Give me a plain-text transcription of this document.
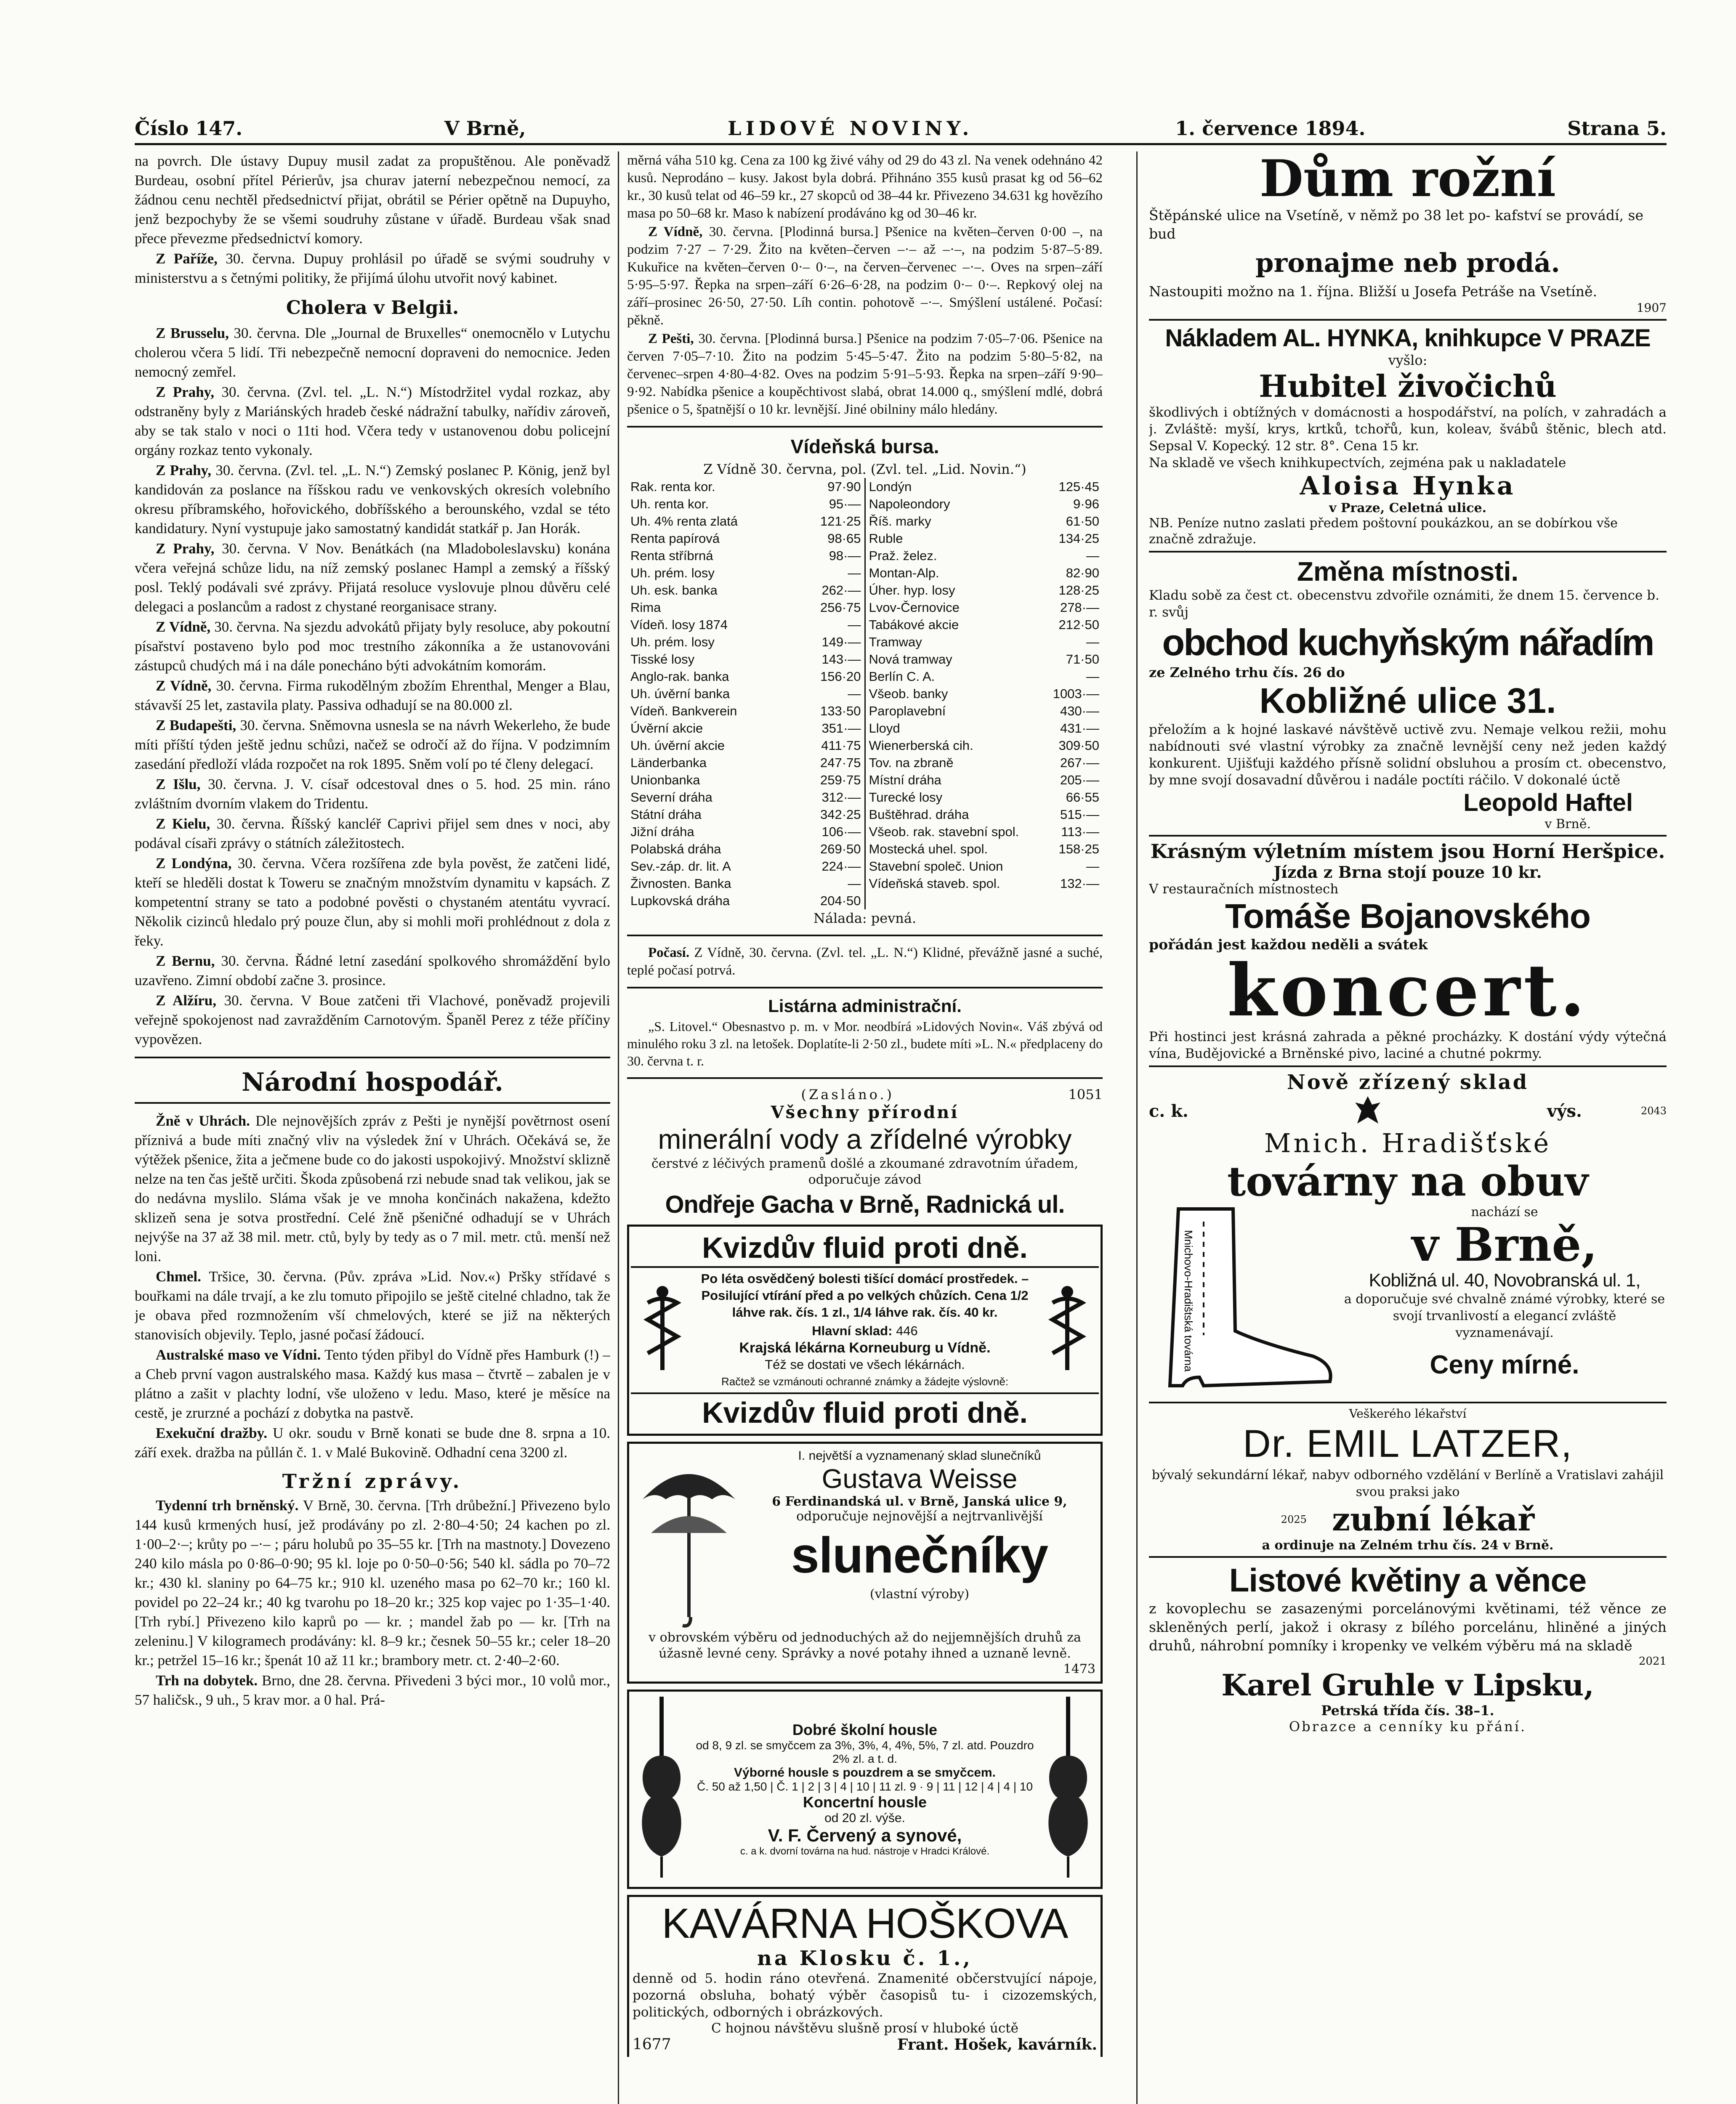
Číslo 147.	V Brně,	LIDOVÉ NOVINY.	1. července 1894.	Strana 5.

na povrch. Dle ústavy Dupuy musil zadat za propuštěnou. Ale poněvadž Burdeau, osobní přítel Périerův, jsa churav jaterní nebezpečnou nemocí, za žádnou cenu nechtěl předsednictví přijat, obrátil se Périer opětně na Dupuyho, jenž bezpochyby že se všemi soudruhy zůstane v úřadě. Burdeau však snad přece převezme předsednictví komory.

Z Paříže, 30. června. Dupuy prohlásil po úřadě se svými soudruhy v ministerstvu a s četnými politiky, že přijímá úlohu utvořit nový kabinet.

Cholera v Belgii.

Z Brusselu, 30. června. Dle „Journal de Bruxelles“ onemocnělo v Lutychu cholerou včera 5 lidí. Tři nebezpečně nemocní dopraveni do nemocnice. Jeden nemocný zemřel.

Z Prahy, 30. června. (Zvl. tel. „L. N.“) Místodržitel vydal rozkaz, aby odstraněny byly z Mariánských hradeb české nádražní tabulky, nařídiv zároveň, aby se tak stalo v noci o 11ti hod. Včera tedy v ustanovenou dobu policejní orgány rozkaz tento vykonaly.

Z Prahy, 30. června. (Zvl. tel. „L. N.“) Zemský poslanec P. König, jenž byl kandidován za poslance na říšskou radu ve venkovských okresích volebního okresu příbramského, hořovického, dobříšského a berounského, vzdal se této kandidatury. Nyní vystupuje jako samostatný kandidát statkář p. Jan Horák.

Z Prahy, 30. června. V Nov. Benátkách (na Mladoboleslavsku) konána včera veřejná schůze lidu, na níž zemský poslanec Hampl a zemský a říšský posl. Teklý podávali své zprávy. Přijatá resoluce vyslovuje plnou důvěru celé delegaci a poslancům a radost z chystané reorganisace strany.

Z Vídně, 30. června. Na sjezdu advokátů přijaty byly resoluce, aby pokoutní písařství postaveno bylo pod moc trestního zákonníka a že ustanovováni zástupců chudých má i na dále ponecháno býti advokátním komorám.

Z Vídně, 30. června. Firma rukodělným zbožím Ehrenthal, Menger a Blau, stávavší 25 let, zastavila platy. Passiva odhadují se na 80.000 zl.

Z Budapešti, 30. června. Sněmovna usnesla se na návrh Wekerleho, že bude míti příští týden ještě jednu schůzi, načež se odročí až do října. V podzimním zasedání předloží vláda rozpočet na rok 1895. Sněm volí po té členy delegací.

Z Išlu, 30. června. J. V. císař odcestoval dnes o 5. hod. 25 min. ráno zvláštním dvorním vlakem do Tridentu.

Z Kielu, 30. června. Říšský kancléř Caprivi přijel sem dnes v noci, aby podával císaři zprávy o státních záležitostech.

Z Londýna, 30. června. Včera rozšířena zde byla pověst, že zatčeni lidé, kteří se hleděli dostat k Toweru se značným množstvím dynamitu v kapsách. Z kompetentní strany se tato a podobné pověsti o chystaném atentátu vyvrací. Několik cizinců hledalo prý pouze člun, aby si mohli moři prohlédnout z dola z řeky.

Z Bernu, 30. června. Řádné letní zasedání spolkového shromáždění bylo uzavřeno. Zimní období začne 3. prosince.

Z Alžíru, 30. června. V Boue zatčeni tři Vlachové, poněvadž projevili veřejně spokojenost nad zavražděním Carnotovým. Španěl Perez z téže příčiny vypovězen.

Národní hospodář.

Žně v Uhrách. Dle nejnovějších zpráv z Pešti je nynější povětrnost osení příznivá a bude míti značný vliv na výsledek žní v Uhrách. Očekává se, že výtěžek pšenice, žita a ječmene bude co do jakosti uspokojivý. Množství sklizně nelze na ten čas ještě určiti. Škoda způsobená rzi nebude snad tak velikou, jak se do nedávna myslilo. Sláma však je ve mnoha končinách nakažena, kdežto sklizeň sena je sotva prostřední. Celé žně pšeničné odhadují se v Uhrách nejvýše na 37 až 38 mil. metr. ctů, byly by tedy as o 7 mil. metr. ctů. menší než loni.

Chmel. Tršice, 30. června. (Pův. zpráva »Lid. Nov.«) Pršky střídavé s bouřkami na dále trvají, a ke zlu tomuto připojilo se ještě citelné chladno, tak že je obava před rozmnožením vší chmelových, které se již na některých stanovisích objevily. Teplo, jasné počasí žádoucí.

Australské maso ve Vídni. Tento týden přibyl do Vídně přes Hamburk (!) – a Cheb první vagon australského masa. Každý kus masa – čtvrtě – zabalen je v plátno a zašit v plachty lodní, vše uloženo v ledu. Maso, které je měsíce na cestě, je zrurzné a pochází z dobytka na pastvě.

Exekuční dražby. U okr. soudu v Brně konati se bude dne 8. srpna a 10. září exek. dražba na půllán č. 1. v Malé Bukovině. Odhadní cena 3200 zl.

Tržní zprávy.

Tydenní trh brněnský. V Brně, 30. června. [Trh drůbežní.] Přivezeno bylo 144 kusů krmených husí, jež prodávány po zl. 2·80–4·50; 24 kachen po zl. 1·00–2·–; krůty po –·– ; páru holubů po 35–55 kr. [Trh na mastnoty.] Dovezeno 240 kilo másla po 0·86–0·90; 95 kl. loje po 0·50–0·56; 540 kl. sádla po 70–72 kr.; 430 kl. slaniny po 64–75 kr.; 910 kl. uzeného masa po 62–70 kr.; 160 kl. povidel po 22–24 kr.; 40 kg tvarohu po 18–20 kr.; 325 kop vajec po 1·35–1·40. [Trh rybí.] Přivezeno kilo kaprů po –– kr. ; mandel žab po –– kr. [Trh na zeleninu.] V kilogramech prodávány: kl. 8–9 kr.; česnek 50–55 kr.; celer 18–20 kr.; petržel 15–16 kr.; špenát 10 až 11 kr.; brambory metr. ct. 2·40–2·60.

Trh na dobytek. Brno, dne 28. června. Přivedeni 3 býci mor., 10 volů mor., 57 haličsk., 9 uh., 5 krav mor. a 0 hal. Prá-

měrná váha 510 kg. Cena za 100 kg živé váhy od 29 do 43 zl. Na venek odehnáno 42 kusů. Neprodáno – kusy. Jakost byla dobrá. Přihnáno 355 kusů prasat kg od 56–62 kr., 30 kusů telat od 46–59 kr., 27 skopců od 38–44 kr. Přivezeno 34.631 kg hovězího masa po 50–68 kr. Maso k nabízení prodáváno kg od 30–46 kr.

Z Vídně, 30. června. [Plodinná bursa.] Pšenice na květen–červen 0·00 –, na podzim 7·27 – 7·29. Žito na květen–červen –·– až –·–, na podzim 5·87–5·89. Kukuřice na květen–červen 0·– 0·–, na červen–červenec –·–. Oves na srpen–září 5·95–5·97. Řepka na srpen–září 6·26–6·28, na podzim 0·– 0·–. Repkový olej na září–prosinec 26·50, 27·50. Líh contin. pohotově –·–. Smýšlení ustálené. Počasí: pěkně.

Z Pešti, 30. června. [Plodinná bursa.] Pšenice na podzim 7·05–7·06. Pšenice na červen 7·05–7·10. Žito na podzim 5·45–5·47. Žito na podzim 5·80–5·82, na červenec–srpen 4·80–4·82. Oves na podzim 5·91–5·93. Řepka na srpen–září 9·90–9·92. Nabídka pšenice a koupěchtivost slabá, obrat 14.000 q., smýšlení mdlé, dobrá pšenice o 5, špatnější o 10 kr. levnější. Jiné obilniny málo hledány.

Vídeňská bursa.
Z Vídně 30. června, pol. (Zvl. tel. „Lid. Novin.“)
Rak. renta kor.	97·90
Uh. renta kor.	95·—
Uh. 4% renta zlatá	121·25
Renta papírová	98·65
Renta stříbrná	98·—
Uh. prém. losy	—
Uh. esk. banka	262·—
Rima	256·75
Vídeň. losy 1874	—
Uh. prém. losy	149·—
Tisské losy	143·—
Anglo-rak. banka	156·20
Uh. úvěrní banka	—
Vídeň. Bankverein	133·50
Úvěrní akcie	351·—
Uh. úvěrní akcie	411·75
Länderbanka	247·75
Unionbanka	259·75
Severní dráha	312·—
Státní dráha	342·25
Jižní dráha	106·—
Polabská dráha	269·50
Sev.-záp. dr. lit. A	224·—
Živnosten. Banka	—
Lupkovská dráha	204·50
Londýn	125·45
Napoleondory	9·96
Říš. marky	61·50
Ruble	134·25
Praž. želez.	—
Montan-Alp.	82·90
Úher. hyp. losy	128·25
Lvov-Černovice	278·—
Tabákové akcie	212·50
Tramway	—
Nová tramway	71·50
Berlín C. A.	—
Všeob. banky	1003·—
Paroplavební	430·—
Lloyd	431·—
Wienerberská cih.	309·50
Tov. na zbraně	267·—
Místní dráha	205·—
Turecké losy	66·55
Buštěhrad. dráha	515·—
Všeob. rak. stavební spol.	113·—
Mostecká uhel. spol.	158·25
Stavební společ. Union	—
Vídeňská staveb. spol.	132·—
Nálada: pevná.

Počasí. Z Vídně, 30. června. (Zvl. tel. „L. N.“) Klidné, převážně jasné a suché, teplé počasí potrvá.

Listárna administrační.

„S. Litovel.“ Obesnastvo p. m. v Mor. neodbírá »Lidových Novin«. Váš zbývá od minulého roku 3 zl. na letošek. Doplatíte-li 2·50 zl., budete míti »L. N.« předplaceny do 30. června t. r.

(Zasláno.)	1051
Všechny přírodní
minerální vody a zřídelné výrobky
čerstvé z léčivých pramenů došlé a zkoumané zdravotním úřadem, odporučuje závod
Ondřeje Gacha v Brně, Radnická ul.
Kvizdův fluid proti dně.
Po léta osvědčený bolesti tišící domácí prostředek. – Posilující vtírání před a po velkých chůzích. Cena 1/2 láhve rak. čís. 1 zl., 1/4 láhve rak. čís. 40 kr.
Hlavní sklad: 446
Krajská lékárna Korneuburg u Vídně.
Též se dostati ve všech lékárnách.
Račtež se vzmánouti ochranné známky a žádejte výslovně:
Kvizdův fluid proti dně.
I. největší a vyznamenaný sklad slunečníků
Gustava Weisse
6 Ferdinandská ul. v Brně, Janská ulice 9,
odporučuje nejnovější a nejtrvanlivější
slunečníky
(vlastní výroby)
v obrovském výběru od jednoduchých až do nejjemnějších druhů za úžasně levné ceny. Správky a nové potahy ihned a uznaně levně.
1473
Dobré školní housle
od 8, 9 zl. se smyčcem za 3%, 3%, 4, 4%, 5%, 7 zl. atd. Pouzdro 2% zl. a t. d.
Výborné housle s pouzdrem a se smyčcem.
Č. 50 až 1,50 | Č. 1 | 2 | 3 | 4 | 10 | 11 zl. 9 · 9 | 11 | 12 | 4 | 4 | 10
Koncertní housle
od 20 zl. výše.
V. F. Červený a synové,
c. a k. dvorní továrna na hud. nástroje v Hradci Králové.
KAVÁRNA HOŠKOVA
na Klosku č. 1.,
denně od 5. hodin ráno otevřená. Znamenité občerstvující nápoje, pozorná obsluha, bohatý výběr časopisů tu- i cizozemských, politických, odborných i obrázkových.
C hojnou návštěvu slušně prosí v hluboké úctě
1677	Frant. Hošek, kavárník.
Dům rožní
Štěpánské ulice na Vsetíně, v němž po 38 let po- kafství se provádí, se bud
pronajme neb prodá.
Nastoupiti možno na 1. října. Bližší u Josefa Petráše na Vsetíně.
1907
Nákladem AL. HYNKA, knihkupce V PRAZE
vyšlo:
Hubitel živočichů
škodlivých i obtížných v domácnosti a hospodářství, na polích, v zahradách a j. Zvláště: myší, krys, krtků, tchořů, kun, koleav, švábů štěnic, blech atd. Sepsal V. Kopecký. 12 str. 8°. Cena 15 kr.
Na skladě ve všech knihkupectvích, zejména pak u nakladatele
Aloisa Hynka
v Praze, Celetná ulice.
NB. Peníze nutno zaslati předem poštovní poukázkou, an se dobírkou vše značně zdražuje.
Změna místnosti.
Kladu sobě za čest ct. obecenstvu zdvořile oznámiti, že dnem 15. července b. r. svůj
obchod kuchyňským nářadím
ze Zelného trhu čís. 26 do
Kobližné ulice 31.
přeložím a k hojné laskavé návštěvě uctivě zvu. Nemaje velkou režii, mohu nabídnouti své vlastní výrobky za značně levnější ceny než jeden každý konkurent. Ujišťuji každého přísně solidní obsluhou a prosím ct. obecenstvo, by mne svojí dosavadní důvěrou i nadále poctíti ráčilo. V dokonalé úctě
Leopold Haftel
v Brně.
Krásným výletním místem jsou Horní Heršpice.
Jízda z Brna stojí pouze 10 kr.
V restauračních místnostech
Tomáše Bojanovského
pořádán jest každou neděli a svátek
koncert.
Při hostinci jest krásná zahrada a pěkné procházky. K dostání výdy výtečná vína, Budějovické a Brněnské pivo, laciné a chutné pokrmy.
Nově zřízený sklad
c. k.	výs.	2043
Mnich. Hradišťské
továrny na obuv
Mnichovo-Hradištská továrna
nachází se
v Brně,
Kobližná ul. 40, Novobranská ul. 1,
a doporučuje své chvalně známé výrobky, které se svojí trvanlivostí a elegancí zvláště vyznamenávají.
Ceny mírné.
Veškerého lékařství
Dr. EMIL LATZER,
bývalý sekundární lékař, nabyv odborného vzdělání v Berlíně a Vratislavi zahájil svou praksi jako
2025 zubní lékař
a ordinuje na Zelném trhu čís. 24 v Brně.
Listové květiny a věnce
z kovoplechu se zasazenými porcelánovými květinami, též věnce ze skleněných perlí, jakož i okrasy z bílého porcelánu, hliněné a jiných druhů, náhrobní pomníky i kropenky ve velkém výběru má na skladě
2021
Karel Gruhle v Lipsku,
Petrská třída čís. 38–1.
Obrazce a cenníky ku přání.
